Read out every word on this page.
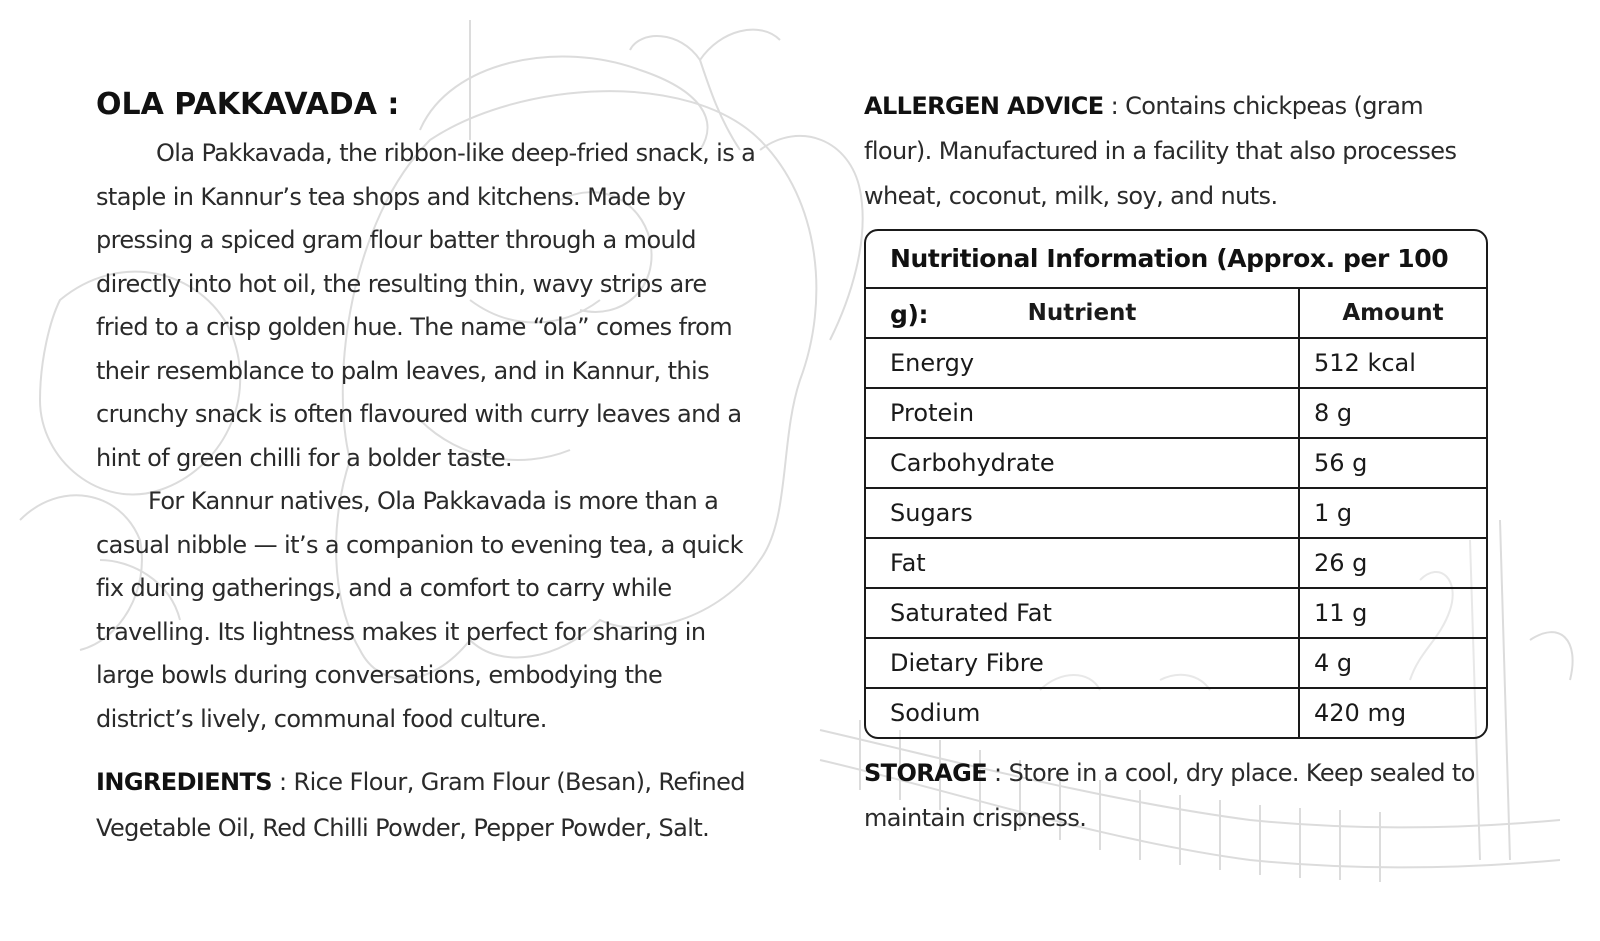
OLA PAKKAVADA :

Ola Pakkavada, the ribbon-like deep-fried snack, is a staple in Kannur’s tea shops and kitchens. Made by pressing a spiced gram flour batter through a mould directly into hot oil, the resulting thin, wavy strips are fried to a crisp golden hue. The name “ola” comes from their resemblance to palm leaves, and in Kannur, this crunchy snack is often flavoured with curry leaves and a hint of green chilli for a bolder taste.

For Kannur natives, Ola Pakkavada is more than a casual nibble — it’s a companion to evening tea, a quick fix during gatherings, and a comfort to carry while travelling. Its lightness makes it perfect for sharing in large bowls during conversations, embodying the district’s lively, communal food culture.

INGREDIENTS : Rice Flour, Gram Flour (Besan), Refined Vegetable Oil, Red Chilli Powder, Pepper Powder, Salt.

ALLERGEN ADVICE : Contains chickpeas (gram flour). Manufactured in a facility that also processes wheat, coconut, milk, soy, and nuts.

Nutritional Information (Approx. per 100 g):	Nutrient	Amount
Energy	512 kcal
Protein	8 g
Carbohydrate	56 g
Sugars	1 g
Fat	26 g
Saturated Fat	11 g
Dietary Fibre	4 g
Sodium	420 mg
STORAGE : Store in a cool, dry place. Keep sealed to maintain crispness.
